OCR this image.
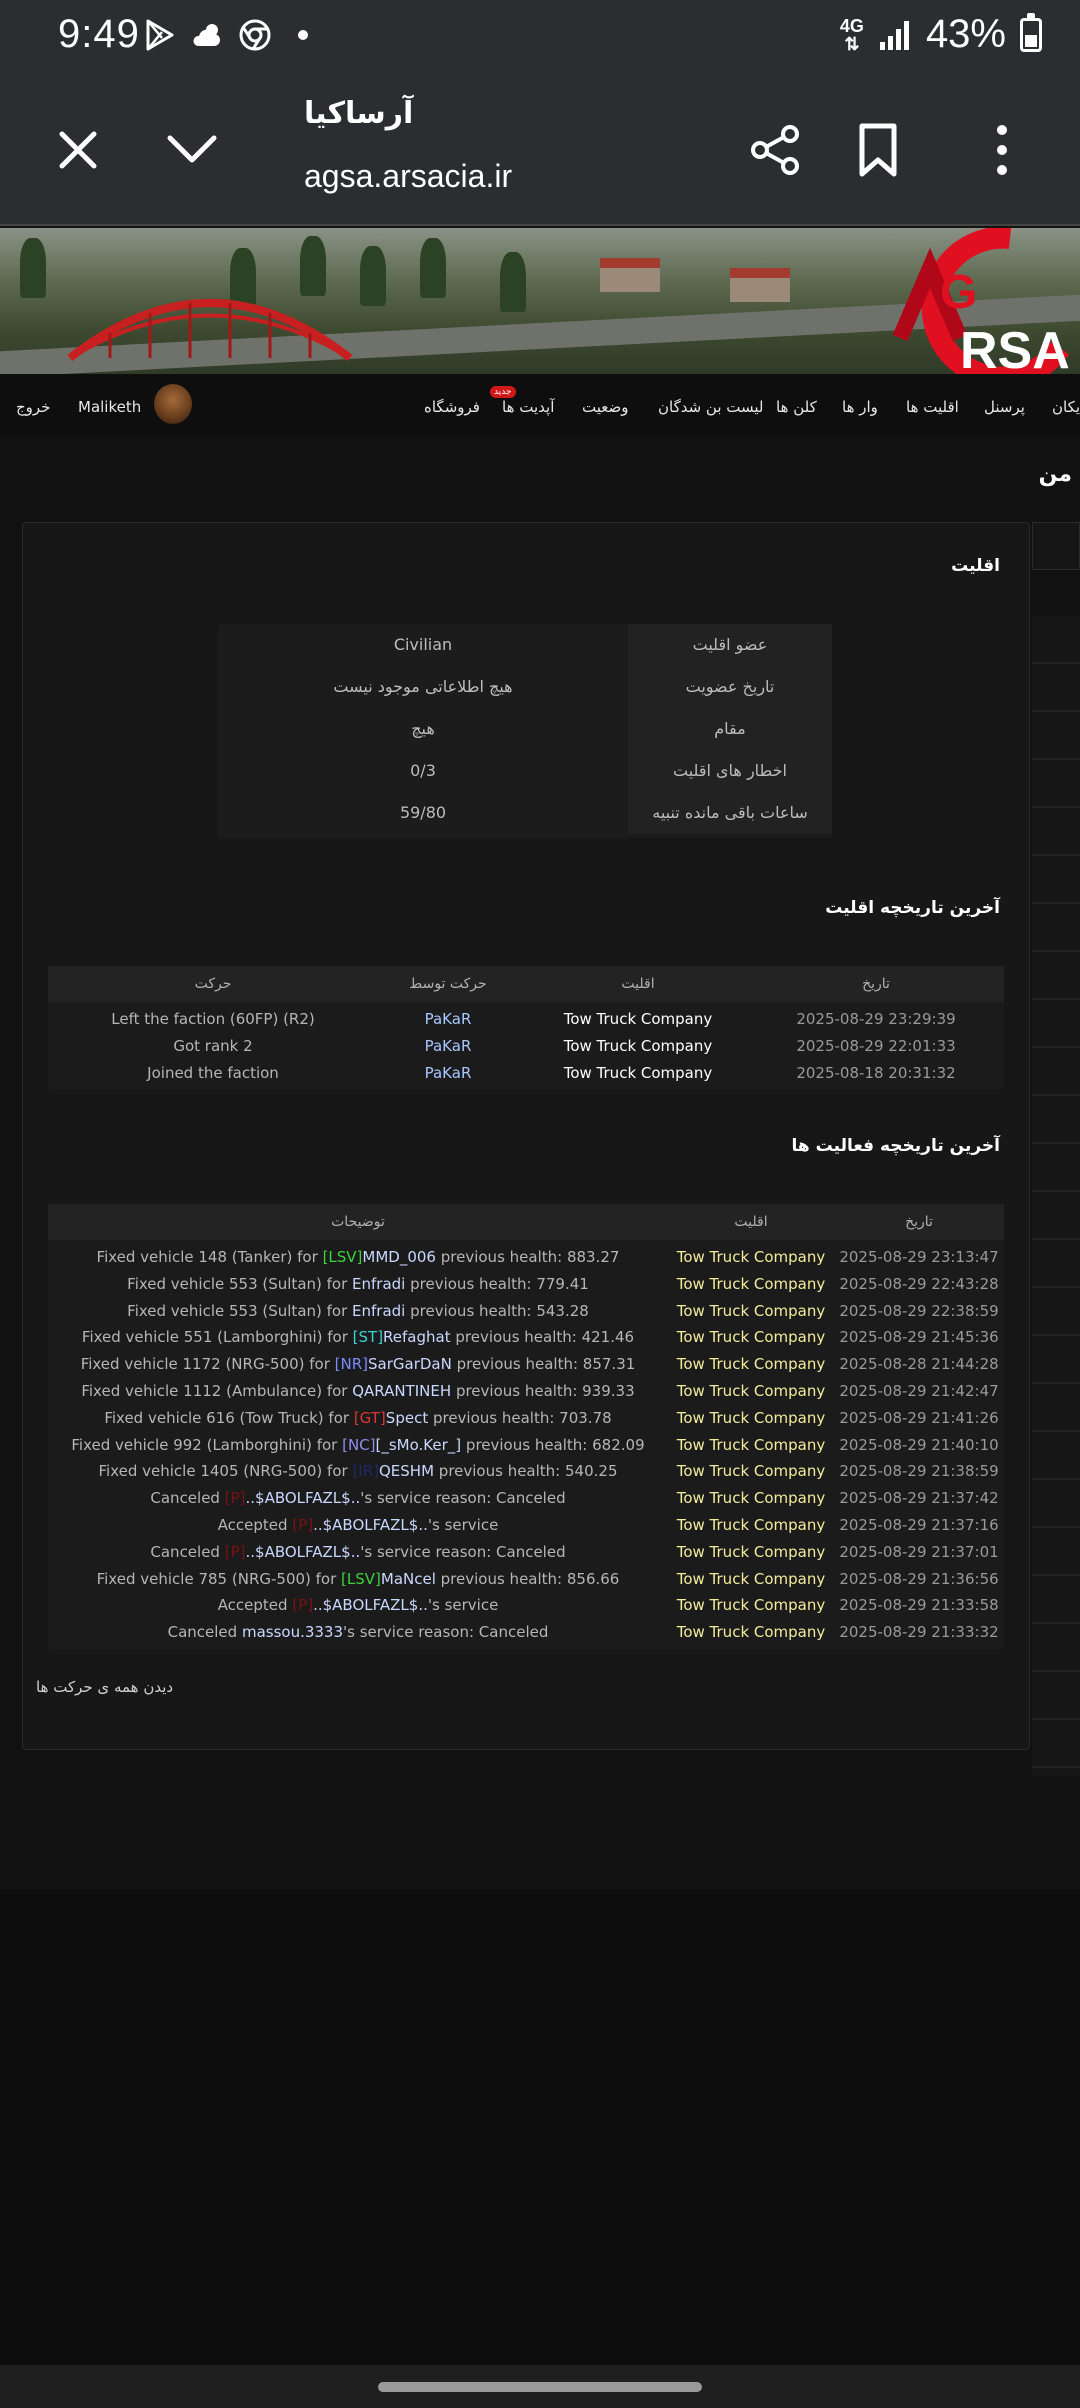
9:49	4G
⇅ 43%
آرساکیا
agsa.arsacia.ir
G
RSA
یکان
پرسنل
اقلیت ها
وار ها
کلن ها
لیست بن شدگان
وضعیت
آپدیت ها
جدید
فروشگاه
Maliketh
خروج
من
اقلیت
عضو اقلیت
Civilian
تاریخ عضویت
هیچ اطلاعاتی موجود نیست
مقام
هیچ
اخطار های اقلیت
0/3
ساعات باقی مانده تنبیه
59/80
آخرین تاریخچه اقلیت
تاریخ
اقلیت
حرکت توسط
حرکت
2025-08-29 23:29:39
Tow Truck Company
PaKaR
Left the faction (60FP) (R2)
2025-08-29 22:01:33
Tow Truck Company
PaKaR
Got rank 2
2025-08-18 20:31:32
Tow Truck Company
PaKaR
Joined the faction
آخرین تاریخچه فعالیت ها
تاریخ
اقلیت
توضیحات
2025-08-29 23:13:47
Tow Truck Company
Fixed vehicle 148 (Tanker) for [LSV]MMD_006 previous health: 883.27
2025-08-29 22:43:28
Tow Truck Company
Fixed vehicle 553 (Sultan) for Enfradi previous health: 779.41
2025-08-29 22:38:59
Tow Truck Company
Fixed vehicle 553 (Sultan) for Enfradi previous health: 543.28
2025-08-29 21:45:36
Tow Truck Company
Fixed vehicle 551 (Lamborghini) for [ST]Refaghat previous health: 421.46
2025-08-28 21:44:28
Tow Truck Company
Fixed vehicle 1172 (NRG-500) for [NR]SarGarDaN previous health: 857.31
2025-08-29 21:42:47
Tow Truck Company
Fixed vehicle 1112 (Ambulance) for QARANTINEH previous health: 939.33
2025-08-29 21:41:26
Tow Truck Company
Fixed vehicle 616 (Tow Truck) for [GT]Spect previous health: 703.78
2025-08-29 21:40:10
Tow Truck Company
Fixed vehicle 992 (Lamborghini) for [NC][_sMo.Ker_] previous health: 682.09
2025-08-29 21:38:59
Tow Truck Company
Fixed vehicle 1405 (NRG-500) for [IR]QESHM previous health: 540.25
2025-08-29 21:37:42
Tow Truck Company
Canceled [P]..$ABOLFAZL$..'s service reason: Canceled
2025-08-29 21:37:16
Tow Truck Company
Accepted [P]..$ABOLFAZL$..'s service
2025-08-29 21:37:01
Tow Truck Company
Canceled [P]..$ABOLFAZL$..'s service reason: Canceled
2025-08-29 21:36:56
Tow Truck Company
Fixed vehicle 785 (NRG-500) for [LSV]MaNcel previous health: 856.66
2025-08-29 21:33:58
Tow Truck Company
Accepted [P]..$ABOLFAZL$..'s service
2025-08-29 21:33:32
Tow Truck Company
Canceled massou.3333's service reason: Canceled
دیدن همه ی حرکت ها
